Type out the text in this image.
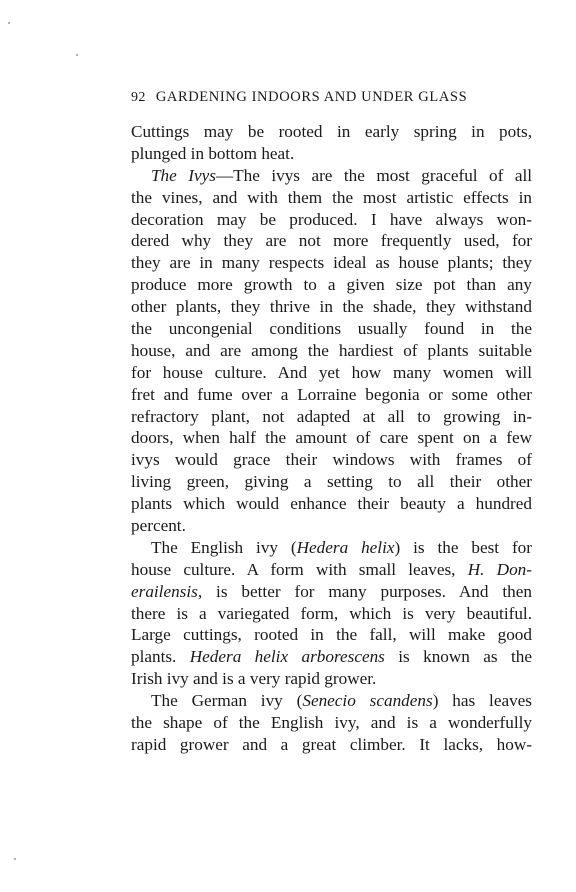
92 GARDENING INDOORS AND UNDER GLASS
Cuttings may be rooted in early spring in pots,
plunged in bottom heat.
The Ivys—The ivys are the most graceful of all
the vines, and with them the most artistic effects in
decoration may be produced. I have always won-
dered why they are not more frequently used, for
they are in many respects ideal as house plants; they
produce more growth to a given size pot than any
other plants, they thrive in the shade, they withstand
the uncongenial conditions usually found in the
house, and are among the hardiest of plants suitable
for house culture. And yet how many women will
fret and fume over a Lorraine begonia or some other
refractory plant, not adapted at all to growing in-
doors, when half the amount of care spent on a few
ivys would grace their windows with frames of
living green, giving a setting to all their other
plants which would enhance their beauty a hundred
percent.
The English ivy (Hedera helix) is the best for
house culture. A form with small leaves, H. Don-
erailensis, is better for many purposes. And then
there is a variegated form, which is very beautiful.
Large cuttings, rooted in the fall, will make good
plants. Hedera helix arborescens is known as the
Irish ivy and is a very rapid grower.
The German ivy (Senecio scandens) has leaves
the shape of the English ivy, and is a wonderfully
rapid grower and a great climber. It lacks, how-
